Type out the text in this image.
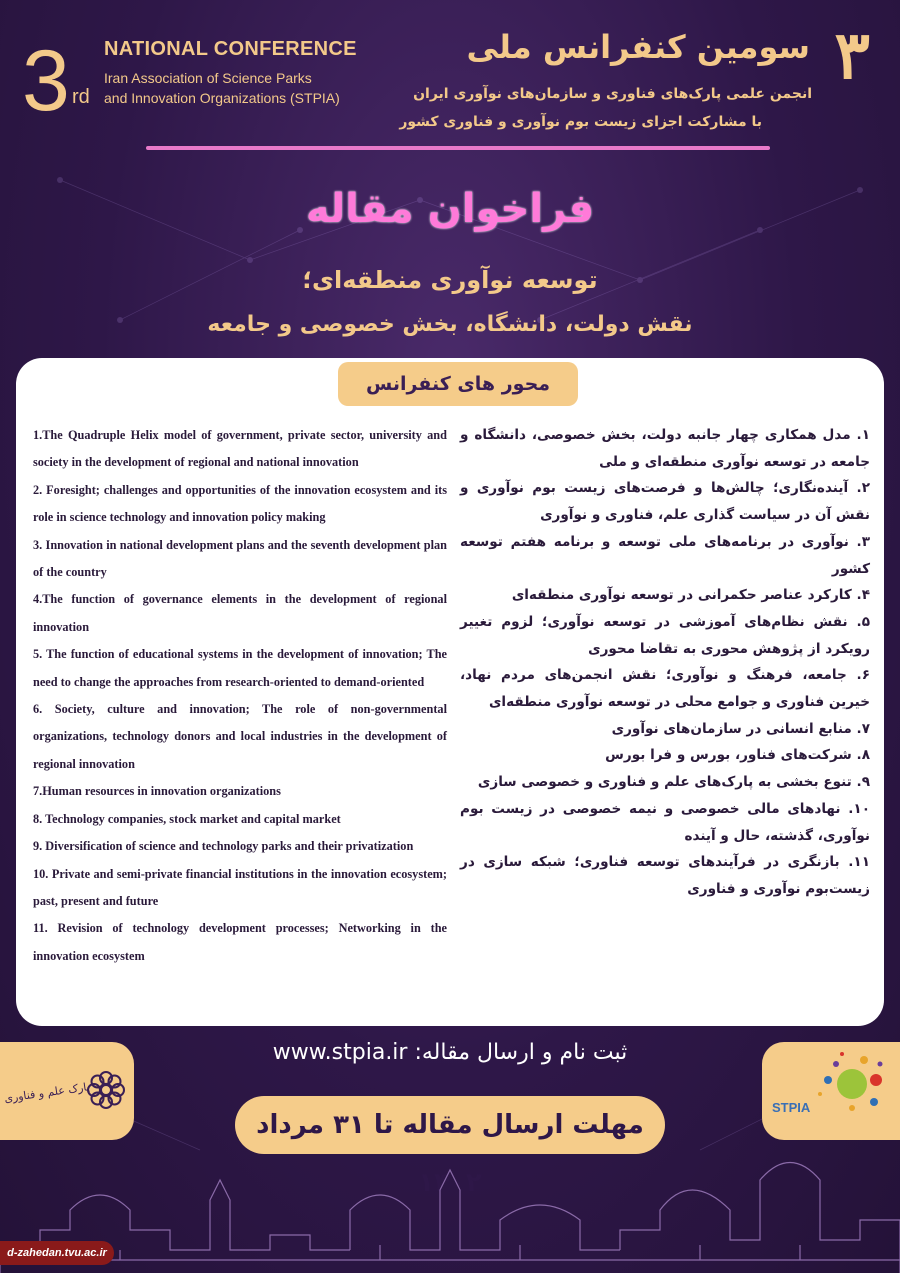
3 rd
NATIONAL CONFERENCE
Iran Association of Science Parks
and Innovation Organizations (STPIA)
۳
سومین کنفرانس ملی
انجمن علمی پارک‌های فناوری و سازمان‌های نوآوری ایران
با مشارکت اجزای زیست بوم نوآوری و فناوری کشور
فراخوان مقاله
توسعه نوآوری منطقه‌ای؛
نقش دولت، دانشگاه، بخش خصوصی و جامعه
محور های کنفرانس

1.The Quadruple Helix model of government, private sector, university and society in the development of regional and national innovation

2. Foresight; challenges and opportunities of the innovation ecosystem and its role in science technology and innovation policy making

3. Innovation in national development plans and the seventh development plan of the country

4.The function of governance elements in the development of regional innovation

5. The function of educational systems in the development of innovation; The need to change the approaches from research-oriented to demand-oriented

6. Society, culture and innovation; The role of non-governmental organizations, technology donors and local industries in the development of regional innovation

7.Human resources in innovation organizations

8. Technology companies, stock market and capital market

9. Diversification of science and technology parks and their privatization

10. Private and semi-private financial institutions in the innovation ecosystem; past, present and future

11. Revision of technology development processes; Networking in the innovation ecosystem

۱. مدل همکاری چهار جانبه دولت، بخش خصوصی، دانشگاه و جامعه در توسعه نوآوری منطقه‌ای و ملی

۲. آینده‌نگاری؛ چالش‌ها و فرصت‌های زیست بوم نوآوری و نقش آن در سیاست گذاری علم، فناوری و نوآوری

۳. نوآوری در برنامه‌های ملی توسعه و برنامه هفتم توسعه کشور

۴. کارکرد عناصر حکمرانی در توسعه نوآوری منطقه‌ای

۵. نقش نظام‌های آموزشی در توسعه نوآوری؛ لزوم تغییر رویکرد از پژوهش محوری به تقاضا محوری

۶. جامعه، فرهنگ و نوآوری؛ نقش انجمن‌های مردم نهاد، خیرین فناوری و جوامع محلی در توسعه نوآوری منطقه‌ای

۷. منابع انسانی در سازمان‌های نوآوری

۸. شرکت‌های فناور، بورس و فرا بورس

۹. تنوع بخشی به پارک‌های علم و فناوری و خصوصی سازی

۱۰. نهادهای مالی خصوصی و نیمه خصوصی در زیست بوم نوآوری، گذشته، حال و آینده

۱۱. بازنگری در فرآیندهای توسعه فناوری؛ شبکه سازی در زیست‌بوم نوآوری و فناوری

پارک علم و فناوری
STPIA
www.stpia.ir ثبت نام و ارسال مقاله:
مهلت ارسال مقاله تا ۳۱ مرداد ۱۴۰۲
d-zahedan.tvu.ac.ir
